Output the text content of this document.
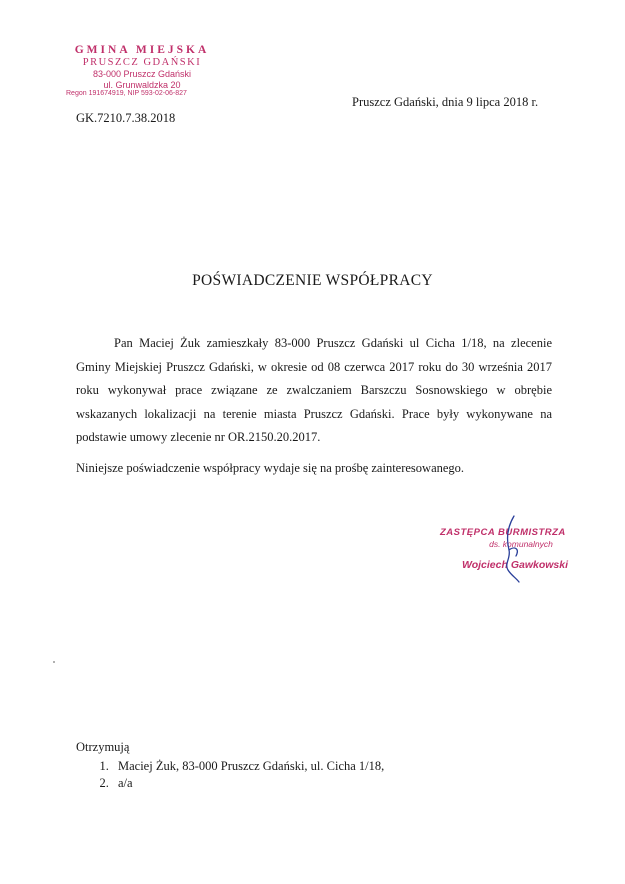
GMINA MIEJSKA
PRUSZCZ GDAŃSKI
83-000 Pruszcz Gdański
ul. Grunwaldzka 20
Regon 191674919, NIP 593-02-06-827
GK.7210.7.38.2018
Pruszcz Gdański, dnia 9 lipca 2018 r.
POŚWIADCZENIE WSPÓŁPRACY

Pan Maciej Żuk zamieszkały 83-000 Pruszcz Gdański ul Cicha 1/18, na zlecenie Gminy Miejskiej Pruszcz Gdański, w okresie od 08 czerwca 2017 roku do 30 września 2017 roku wykonywał prace związane ze zwalczaniem Barszczu Sosnowskiego w obrębie wskazanych lokalizacji na terenie miasta Pruszcz Gdański. Prace były wykonywane na podstawie umowy zlecenie nr OR.2150.20.2017.

Niniejsze poświadczenie współpracy wydaje się na prośbę zainteresowanego.
ZASTĘPCA BURMISTRZA
ds. komunalnych
Wojciech Gawkowski
Otrzymują
1. Maciej Żuk, 83-000 Pruszcz Gdański, ul. Cicha 1/18,
2. a/a
